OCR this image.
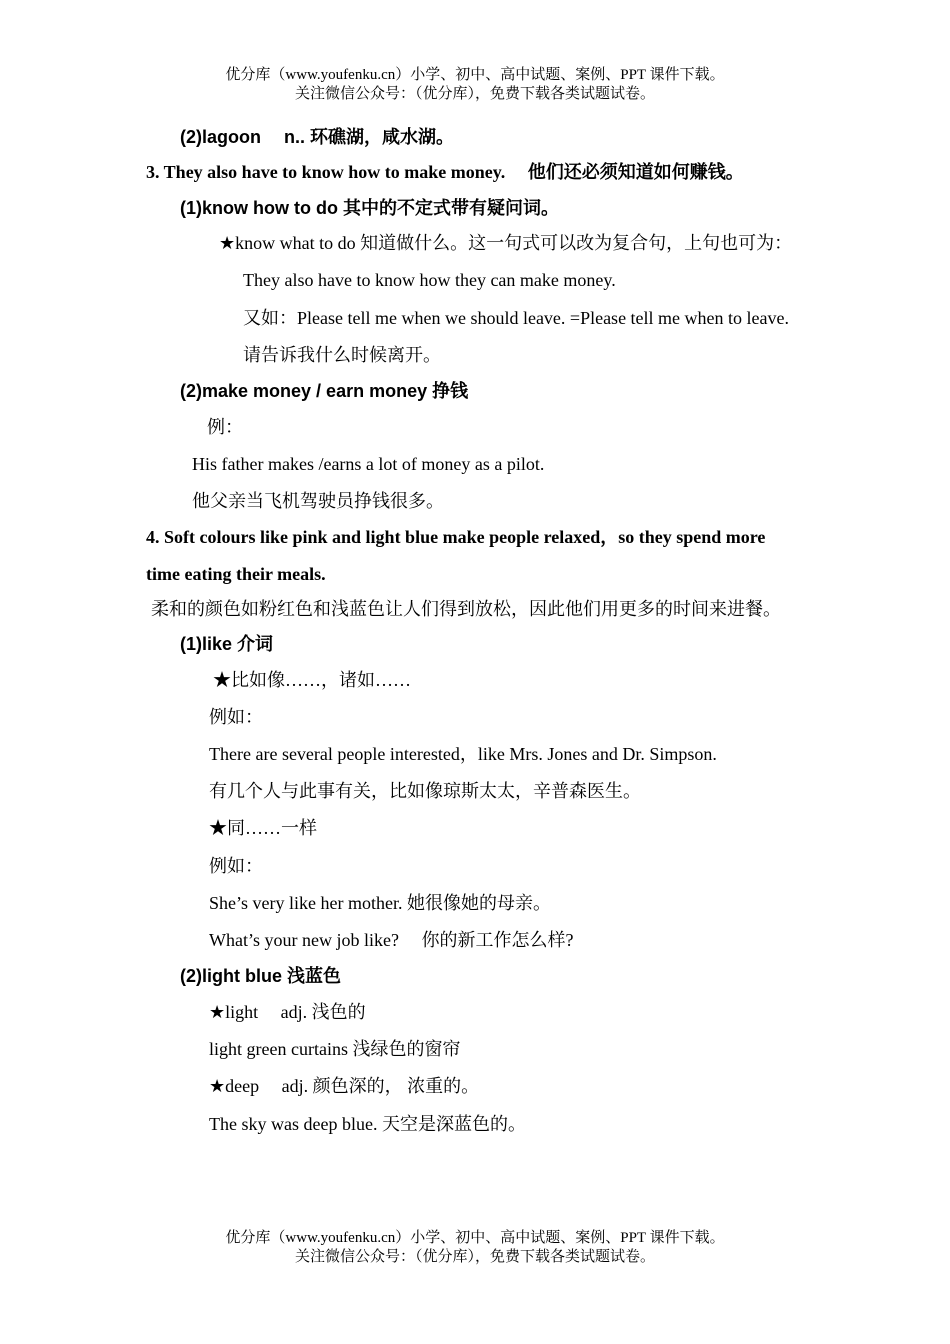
优分库（www.youfenku.cn）小学、初中、高中试题、案例、PPT 课件下载。
关注微信公众号：（优分库），免费下载各类试题试卷。
(2)lagoon　 n.. 环礁湖，咸水湖。
3. They also have to know how to make money.　 他们还必须知道如何赚钱。
(1)know how to do 其中的不定式带有疑问词。
★know what to do 知道做什么。这一句式可以改为复合句，上句也可为：
They also have to know how they can make money.
又如：Please tell me when we should leave. =Please tell me when to leave.
请告诉我什么时候离开。
(2)make money / earn money 挣钱
例：
His father makes /earns a lot of money as a pilot.
他父亲当飞机驾驶员挣钱很多。
4. Soft colours like pink and light blue make people relaxed，so they spend more
time eating their meals.
柔和的颜色如粉红色和浅蓝色让人们得到放松，因此他们用更多的时间来进餐。
(1)like 介词
★比如像……，诸如……
例如：
There are several people interested，like Mrs. Jones and Dr. Simpson.
有几个人与此事有关，比如像琼斯太太，辛普森医生。
★同……一样
例如：
She’s very like her mother. 她很像她的母亲。
What’s your new job like?　 你的新工作怎么样?
(2)light blue 浅蓝色
★light　 adj. 浅色的
light green curtains 浅绿色的窗帘
★deep　 adj. 颜色深的， 浓重的。
The sky was deep blue. 天空是深蓝色的。
优分库（www.youfenku.cn）小学、初中、高中试题、案例、PPT 课件下载。
关注微信公众号：（优分库），免费下载各类试题试卷。
